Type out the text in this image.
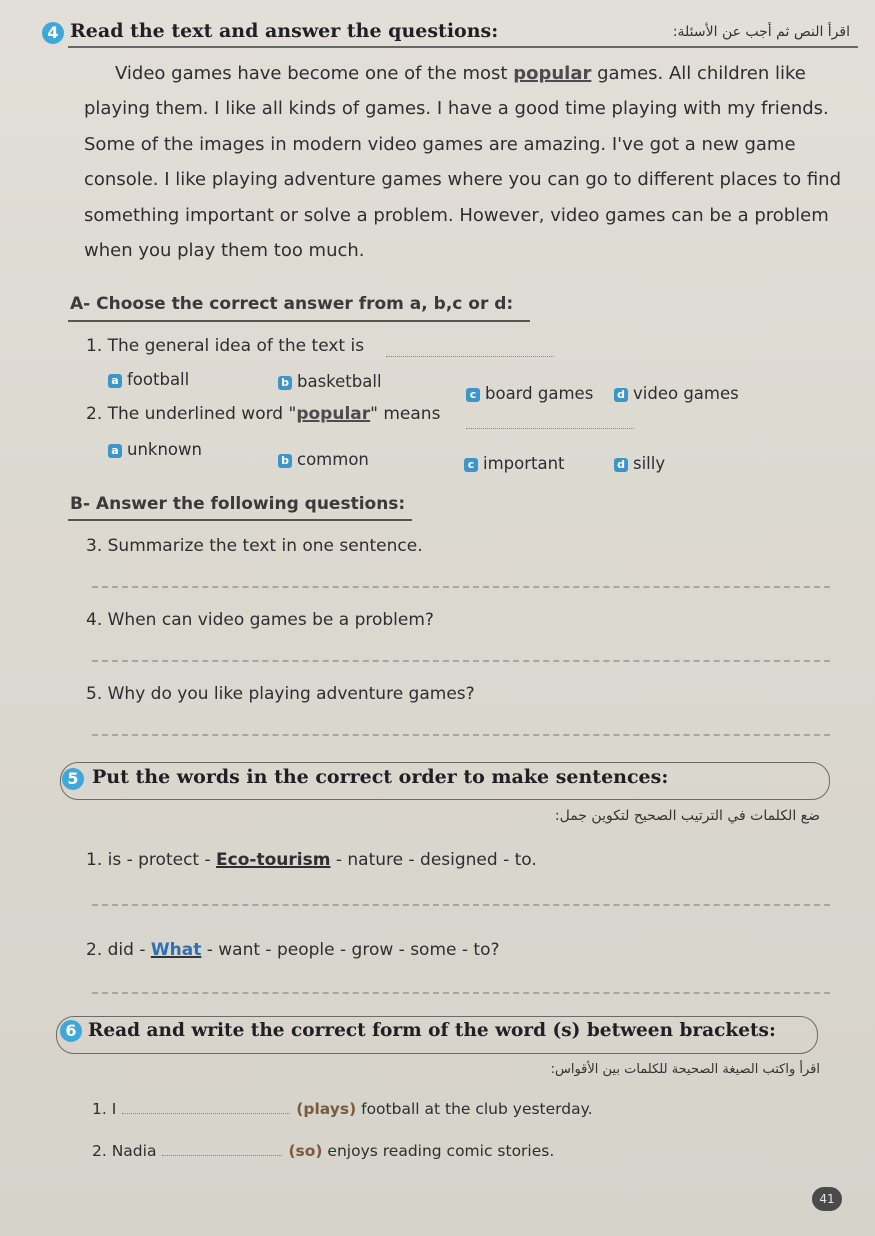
4 Read the text and answer the questions:	اقرأ النص ثم أجب عن الأسئلة:
Video games have become one of the most popular games. All children like
playing them. I like all kinds of games. I have a good time playing with my friends.
Some of the images in modern video games are amazing. I've got a new game
console. I like playing adventure games where you can go to different places to find
something important or solve a problem. However, video games can be a problem
when you play them too much.
A- Choose the correct answer from a, b,c or d:
1. The general idea of the text is
a football	b basketball
c board games d video games
2. The underlined word "popular" means
a unknown
b common	c important	d silly
B- Answer the following questions:
3. Summarize the text in one sentence.
4. When can video games be a problem?
5. Why do you like playing adventure games?
5 Put the words in the correct order to make sentences:
ضع الكلمات في الترتيب الصحيح لتكوين جمل:
1. is - protect - Eco-tourism - nature - designed - to.
2. did - What - want - people - grow - some - to?
6 Read and write the correct form of the word (s) between brackets:
اقرأ واكتب الصيغة الصحيحة للكلمات بين الأقواس:
1. I	(plays) football at the club yesterday.
2. Nadia	(so) enjoys reading comic stories.
41
